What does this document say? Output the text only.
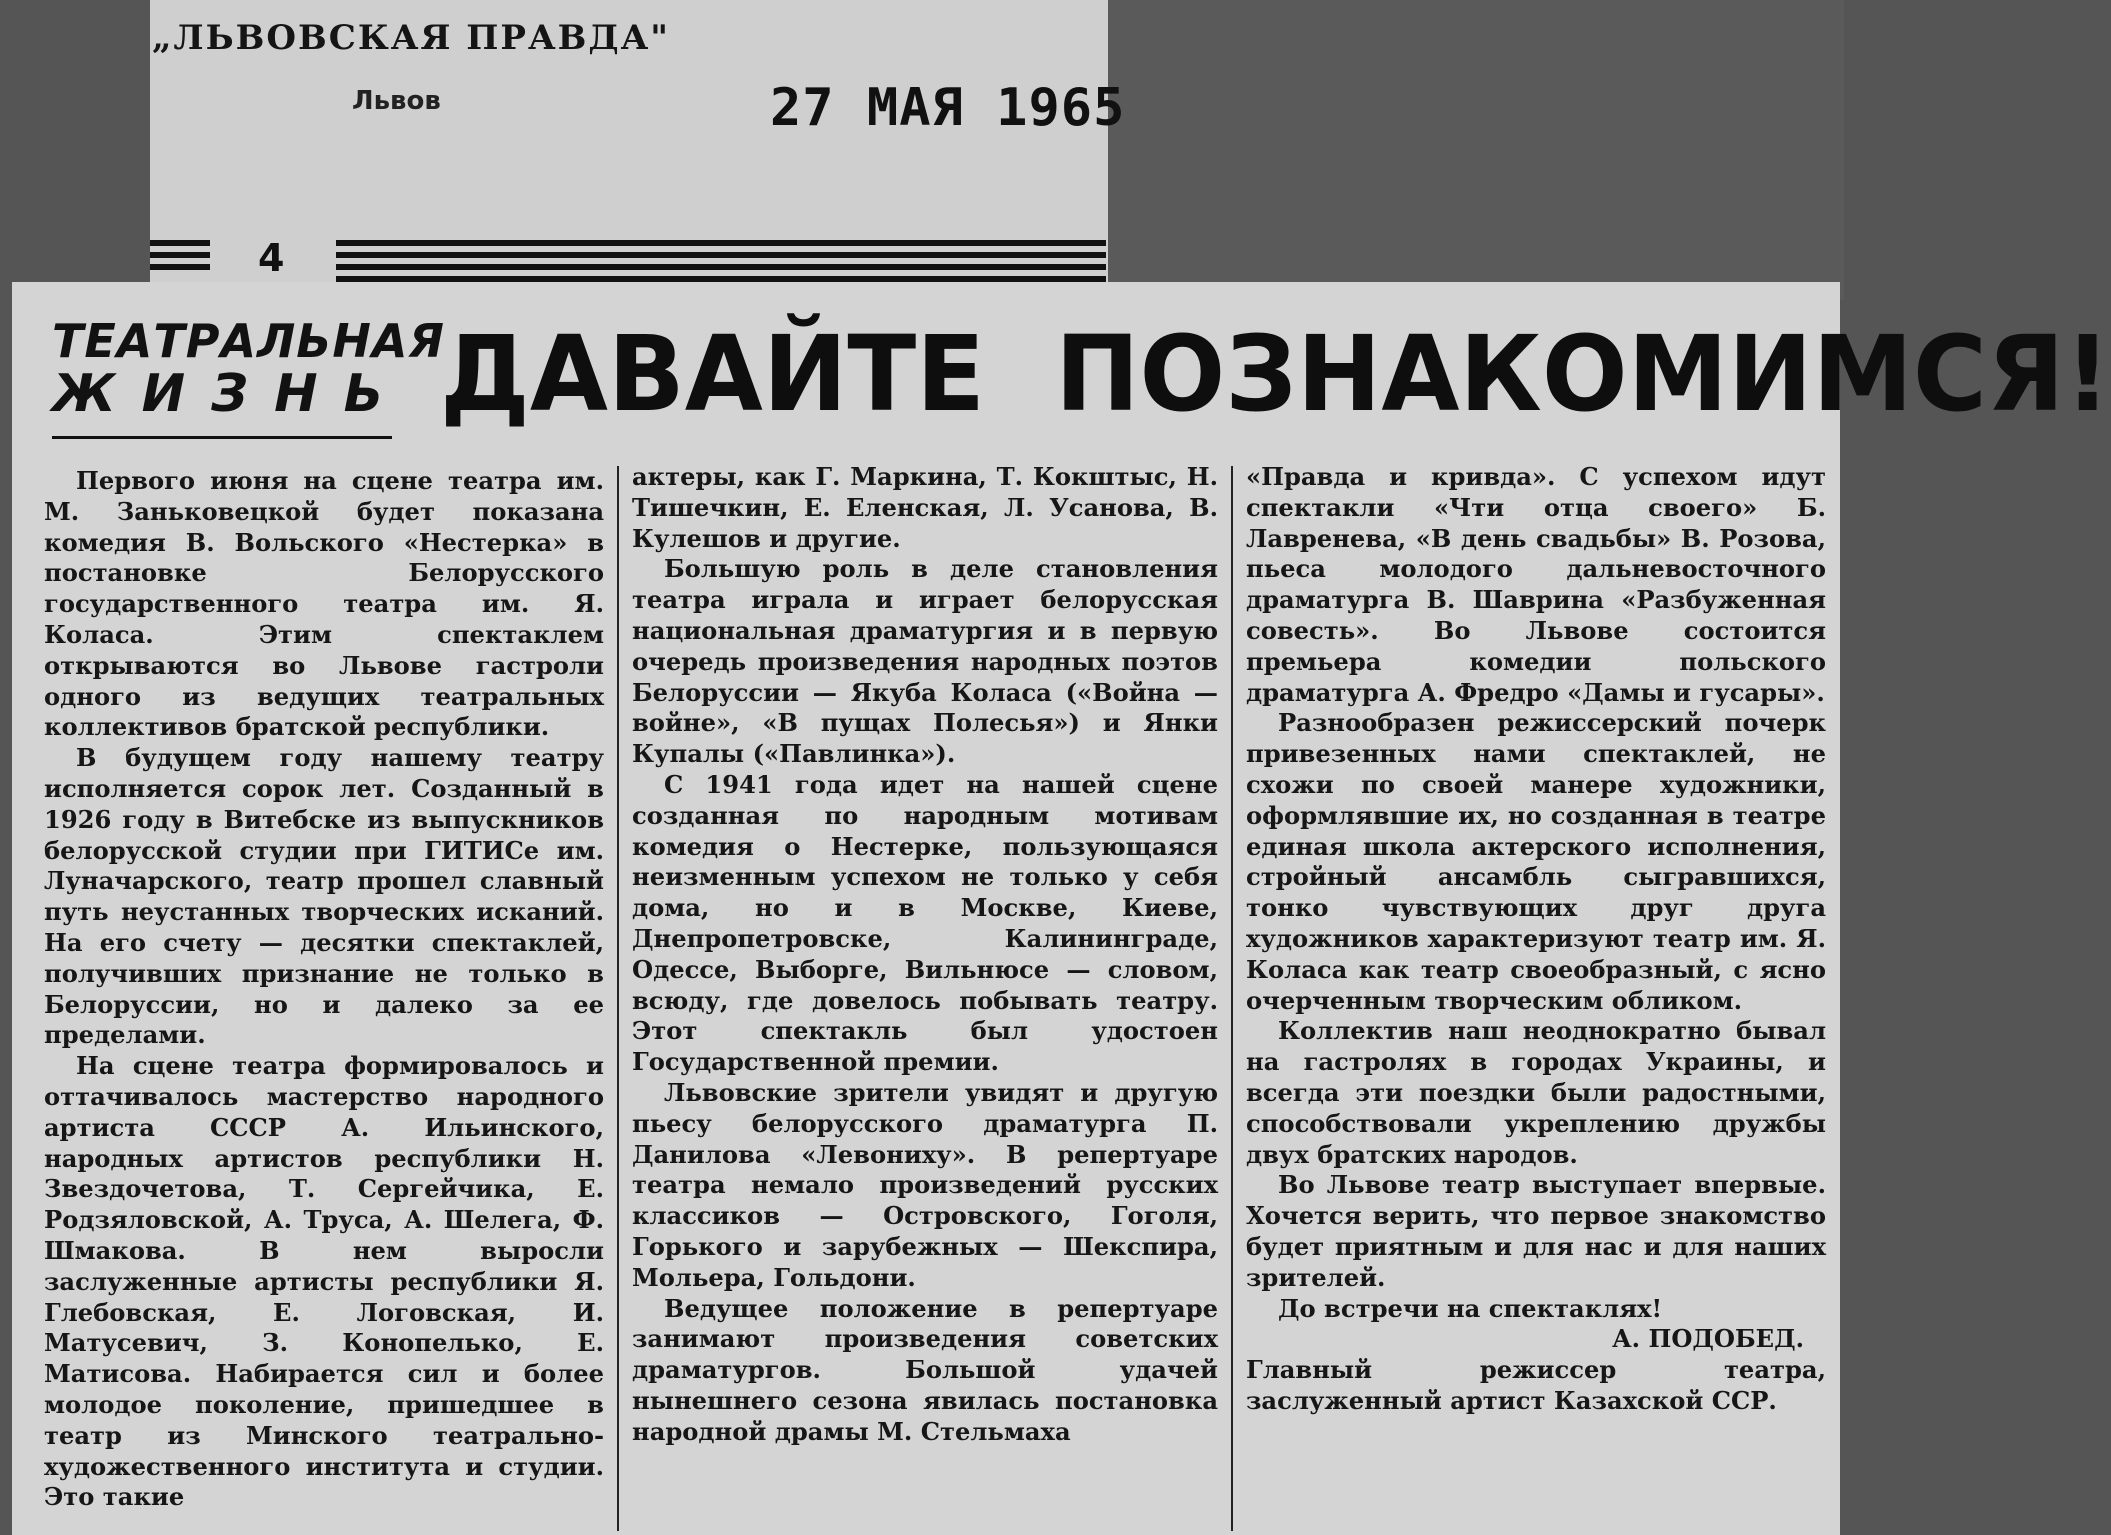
„ЛЬВОВСКАЯ ПРАВДА"
Львов	27 МАЯ 1965
4
ТЕАТРАЛЬНАЯ
ЖИЗНЬ ДАВАЙТЕ ПОЗНАКОМИМСЯ!

Первого июня на сцене театра им. М. Заньковецкой будет показана комедия В. Вольского «Нестерка» в постановке Белорусского государственного театра им. Я. Коласа. Этим спектаклем открываются во Львове гастроли одного из ведущих театральных коллективов братской республики.

В будущем году нашему театру исполняется сорок лет. Созданный в 1926 году в Витебске из выпускников белорусской студии при ГИТИСе им. Луначарского, театр прошел славный путь неустанных творческих исканий. На его счету — десятки спектаклей, получивших признание не только в Белоруссии, но и далеко за ее пределами.

На сцене театра формировалось и оттачивалось мастерство народного артиста СССР А. Ильинского, народных артистов республики Н. Звездочетова, Т. Сергейчика, Е. Родзяловской, А. Труса, А. Шелега, Ф. Шмакова. В нем выросли заслуженные артисты республики Я. Глебовская, Е. Логовская, И. Матусевич, З. Конопелько, Е. Матисова. Набирается сил и более молодое поколение, пришедшее в театр из Минского театрально-художественного института и студии. Это такие

актеры, как Г. Маркина, Т. Кокштыс, Н. Тишечкин, Е. Еленская, Л. Усанова, В. Кулешов и другие.

Большую роль в деле становления театра играла и играет белорусская национальная драматургия и в первую очередь произведения народных поэтов Белоруссии — Якуба Коласа («Война — войне», «В пущах Полесья») и Янки Купалы («Павлинка»).

С 1941 года идет на нашей сцене созданная по народным мотивам комедия о Нестерке, пользующаяся неизменным успехом не только у себя дома, но и в Москве, Киеве, Днепропетровске, Калининграде, Одессе, Выборге, Вильнюсе — словом, всюду, где довелось побывать театру. Этот спектакль был удостоен Государственной премии.

Львовские зрители увидят и другую пьесу белорусского драматурга П. Данилова «Левониху». В репертуаре театра немало произведений русских классиков — Островского, Гоголя, Горького и зарубежных — Шекспира, Мольера, Гольдони.

Ведущее положение в репертуаре занимают произведения советских драматургов. Большой удачей нынешнего сезона явилась постановка народной драмы М. Стельмаха

«Правда и кривда». С успехом идут спектакли «Чти отца своего» Б. Лавренева, «В день свадьбы» В. Розова, пьеса молодого дальневосточного драматурга В. Шаврина «Разбуженная совесть». Во Львове состоится премьера комедии польского драматурга А. Фредро «Дамы и гусары».

Разнообразен режиссерский почерк привезенных нами спектаклей, не схожи по своей манере художники, оформлявшие их, но созданная в театре единая школа актерского исполнения, стройный ансамбль сыгравшихся, тонко чувствующих друг друга художников характеризуют театр им. Я. Коласа как театр своеобразный, с ясно очерченным творческим обликом.

Коллектив наш неоднократно бывал на гастролях в городах Украины, и всегда эти поездки были радостными, способствовали укреплению дружбы двух братских народов.

Во Львове театр выступает впервые. Хочется верить, что первое знакомство будет приятным и для нас и для наших зрителей.

До встречи на спектаклях!

А. ПОДОБЕД.

Главный режиссер театра, заслуженный артист Казахской ССР.
